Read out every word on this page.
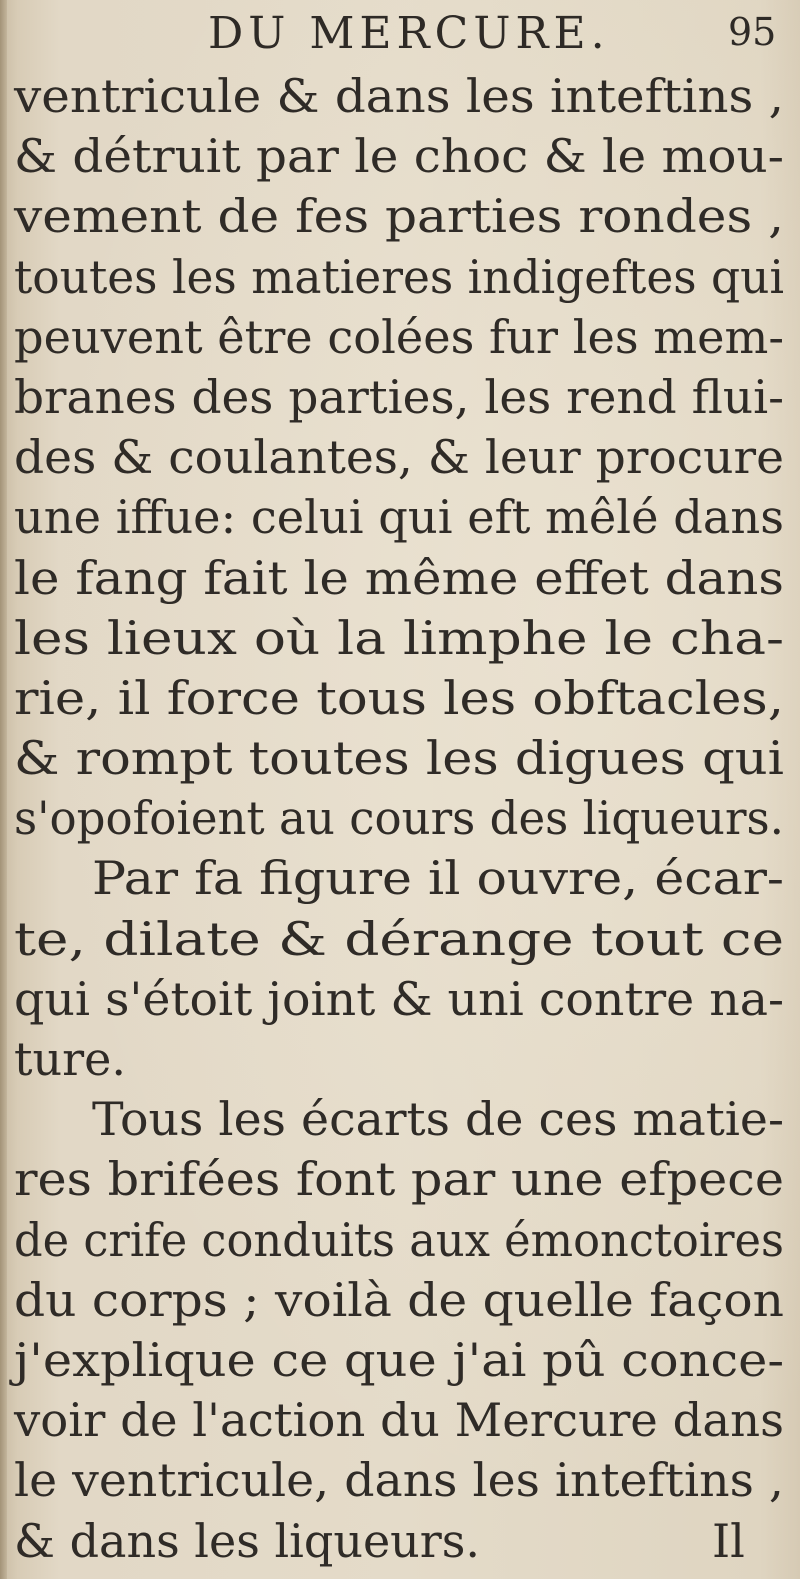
DU MERCURE.	95
ventricule & dans les inteftins ,
& détruit par le choc & le mou-
vement de fes parties rondes ,
toutes les matieres indigeftes qui
peuvent être colées fur les mem-
branes des parties, les rend flui-
des & coulantes, & leur procure
une iffue: celui qui eft mêlé dans
le fang fait le même effet dans
les lieux où la limphe le cha-
rie, il force tous les obftacles,
& rompt toutes les digues qui
s'opofoient au cours des liqueurs.
Par fa figure il ouvre, écar-
te, dilate & dérange tout ce
qui s'étoit joint & uni contre na-
ture.
Tous les écarts de ces matie-
res brifées font par une efpece
de crife conduits aux émonctoires
du corps ; voilà de quelle façon
j'explique ce que j'ai pû conce-
voir de l'action du Mercure dans
le ventricule, dans les inteftins ,
& dans les liqueurs.	Il
